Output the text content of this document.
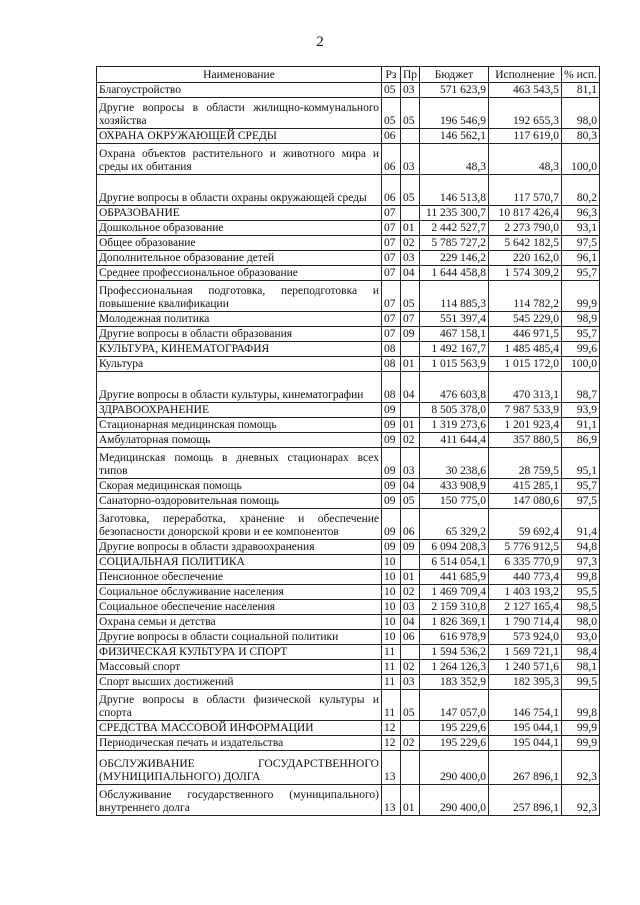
2
Наименование	Рз	Пр	Бюджет	Исполнение	% исп.
Благоустройство	05	03	571 623,9	463 543,5	81,1
Другие вопросы в области жилищно-коммунального хозяйства	05	05	196 546,9	192 655,3	98,0
ОХРАНА ОКРУЖАЮЩЕЙ СРЕДЫ	06		146 562,1	117 619,0	80,3
Охрана объектов растительного и животного мира и среды их обитания	06	03	48,3	48,3	100,0
Другие вопросы в области охраны окружающей среды	06	05	146 513,8	117 570,7	80,2
ОБРАЗОВАНИЕ	07		11 235 300,7	10 817 426,4	96,3
Дошкольное образование	07	01	2 442 527,7	2 273 790,0	93,1
Общее образование	07	02	5 785 727,2	5 642 182,5	97,5
Дополнительное образование детей	07	03	229 146,2	220 162,0	96,1
Среднее профессиональное образование	07	04	1 644 458,8	1 574 309,2	95,7
Профессиональная подготовка, переподготовка и повышение квалификации	07	05	114 885,3	114 782,2	99,9
Молодежная политика	07	07	551 397,4	545 229,0	98,9
Другие вопросы в области образования	07	09	467 158,1	446 971,5	95,7
КУЛЬТУРА, КИНЕМАТОГРАФИЯ	08		1 492 167,7	1 485 485,4	99,6
Культура	08	01	1 015 563,9	1 015 172,0	100,0
Другие вопросы в области культуры, кинематографии	08	04	476 603,8	470 313,1	98,7
ЗДРАВООХРАНЕНИЕ	09		8 505 378,0	7 987 533,9	93,9
Стационарная медицинская помощь	09	01	1 319 273,6	1 201 923,4	91,1
Амбулаторная помощь	09	02	411 644,4	357 880,5	86,9
Медицинская помощь в дневных стационарах всех типов	09	03	30 238,6	28 759,5	95,1
Скорая медицинская помощь	09	04	433 908,9	415 285,1	95,7
Санаторно-оздоровительная помощь	09	05	150 775,0	147 080,6	97,5
Заготовка, переработка, хранение и обеспечение безопасности донорской крови и ее компонентов	09	06	65 329,2	59 692,4	91,4
Другие вопросы в области здравоохранения	09	09	6 094 208,3	5 776 912,5	94,8
СОЦИАЛЬНАЯ ПОЛИТИКА	10		6 514 054,1	6 335 770,9	97,3
Пенсионное обеспечение	10	01	441 685,9	440 773,4	99,8
Социальное обслуживание населения	10	02	1 469 709,4	1 403 193,2	95,5
Социальное обеспечение населения	10	03	2 159 310,8	2 127 165,4	98,5
Охрана семьи и детства	10	04	1 826 369,1	1 790 714,4	98,0
Другие вопросы в области социальной политики	10	06	616 978,9	573 924,0	93,0
ФИЗИЧЕСКАЯ КУЛЬТУРА И СПОРТ	11		1 594 536,2	1 569 721,1	98,4
Массовый спорт	11	02	1 264 126,3	1 240 571,6	98,1
Спорт высших достижений	11	03	183 352,9	182 395,3	99,5
Другие вопросы в области физической культуры и спорта	11	05	147 057,0	146 754,1	99,8
СРЕДСТВА МАССОВОЙ ИНФОРМАЦИИ	12		195 229,6	195 044,1	99,9
Периодическая печать и издательства	12	02	195 229,6	195 044,1	99,9
ОБСЛУЖИВАНИЕ ГОСУДАРСТВЕННОГО (МУНИЦИПАЛЬНОГО) ДОЛГА	13		290 400,0	267 896,1	92,3
Обслуживание государственного (муниципального) внутреннего долга	13	01	290 400,0	257 896,1	92,3
